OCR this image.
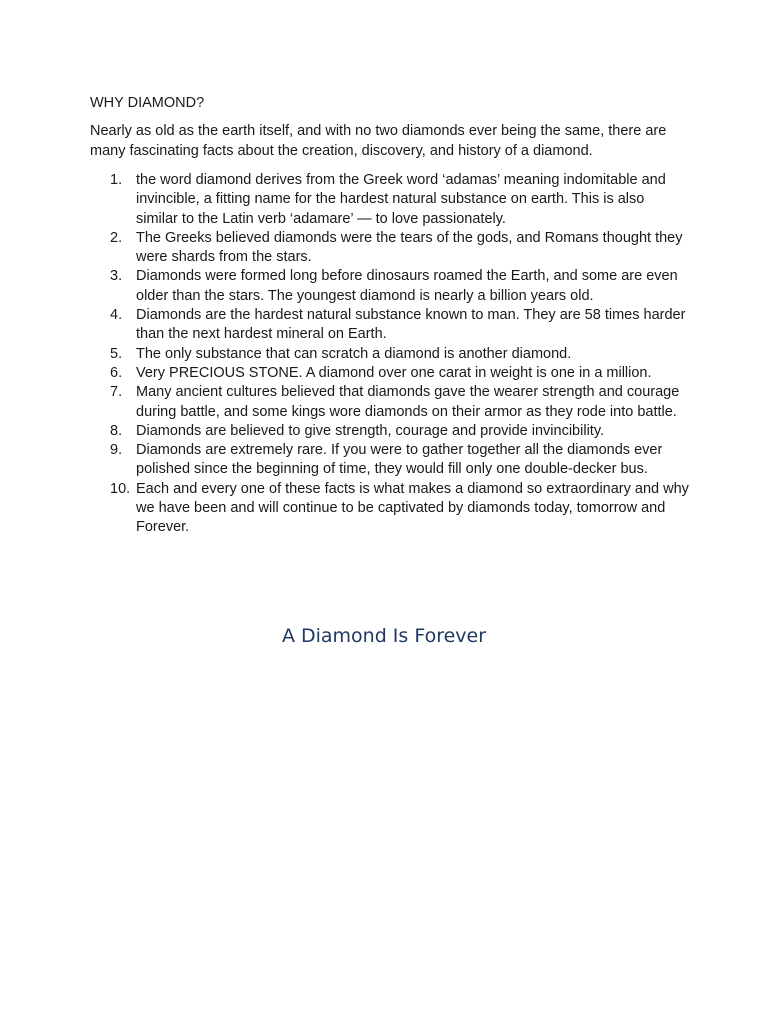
WHY DIAMOND?

Nearly as old as the earth itself, and with no two diamonds ever being the same, there are many fascinating facts about the creation, discovery, and history of a diamond.

1. the word diamond derives from the Greek word ‘adamas’ meaning indomitable and invincible, a fitting name for the hardest natural substance on earth. This is also similar to the Latin verb ‘adamare’ — to love passionately.
2. The Greeks believed diamonds were the tears of the gods, and Romans thought they were shards from the stars.
3. Diamonds were formed long before dinosaurs roamed the Earth, and some are even older than the stars. The youngest diamond is nearly a billion years old.
4. Diamonds are the hardest natural substance known to man. They are 58 times harder than the next hardest mineral on Earth.
5. The only substance that can scratch a diamond is another diamond.
6. Very PRECIOUS STONE. A diamond over one carat in weight is one in a million.
7. Many ancient cultures believed that diamonds gave the wearer strength and courage during battle, and some kings wore diamonds on their armor as they rode into battle.
8. Diamonds are believed to give strength, courage and provide invincibility.
9. Diamonds are extremely rare. If you were to gather together all the diamonds ever polished since the beginning of time, they would fill only one double-decker bus.
10. Each and every one of these facts is what makes a diamond so extraordinary and why we have been and will continue to be captivated by diamonds today, tomorrow and Forever.

A Diamond Is Forever
